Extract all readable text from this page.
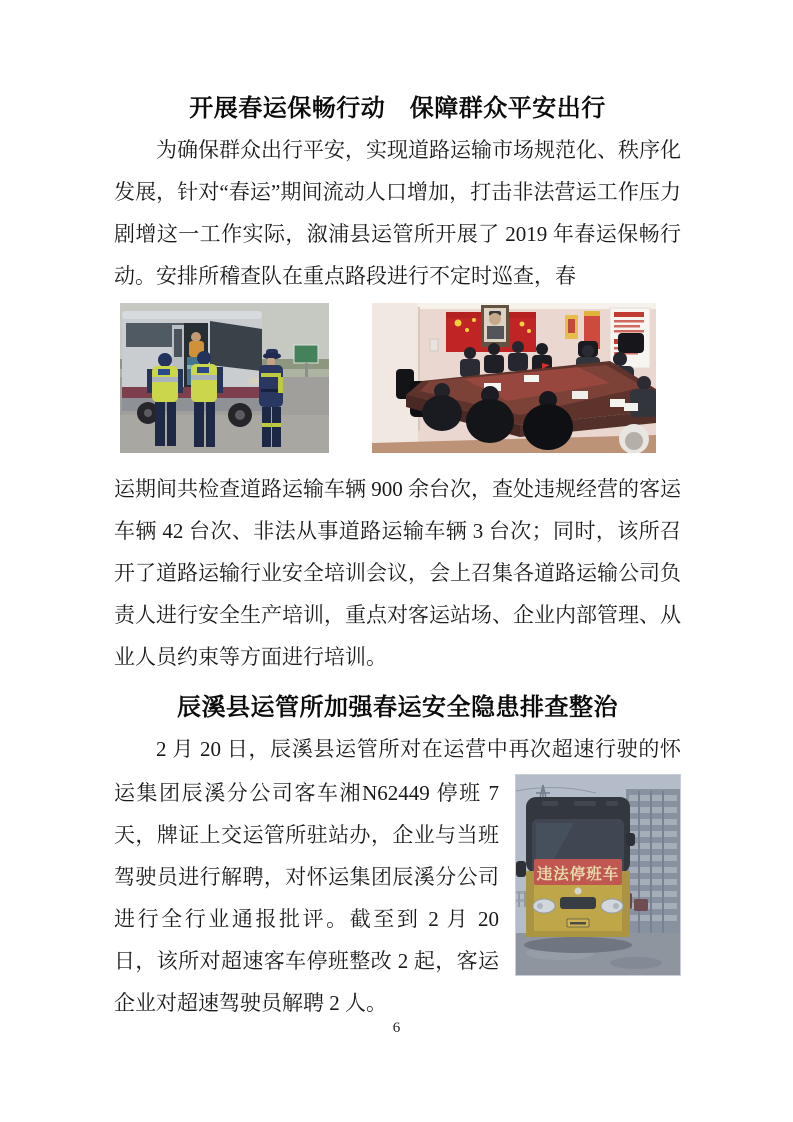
开展春运保畅行动　保障群众平安出行

为确保群众出行平安，实现道路运输市场规范化、秩序化发展，针对“春运”期间流动人口增加，打击非法营运工作压力剧增这一工作实际，溆浦县运管所开展了 2019 年春运保畅行动。安排所稽查队在重点路段进行不定时巡查，春

运期间共检查道路运输车辆 900 余台次，查处违规经营的客运车辆 42 台次、非法从事道路运输车辆 3 台次；同时，该所召开了道路运输行业安全培训会议，会上召集各道路运输公司负责人进行安全生产培训，重点对客运站场、企业内部管理、从业人员约束等方面进行培训。

辰溪县运管所加强春运安全隐患排查整治

2 月 20 日，辰溪县运管所对在运营中再次超速行驶的怀

违法停班车

运集团辰溪分公司客车湘N62449 停班 7 天，牌证上交运管所驻站办，企业与当班驾驶员进行解聘，对怀运集团辰溪分公司进行全行业通报批评。截至到 2 月 20 日，该所对超速客车停班整改 2 起，客运企业对超速驾驶员解聘 2 人。

6
